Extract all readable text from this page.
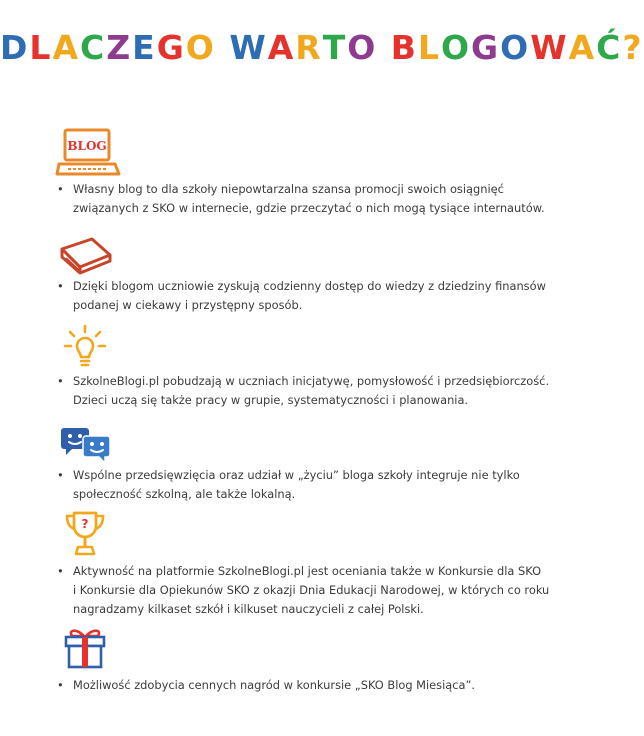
DLACZEGO WARTO BLOGOWAĆ?
BLOG
• Własny blog to dla szkoły niepowtarzalna szansa promocji swoich osiągnięć
związanych z SKO w internecie, gdzie przeczytać o nich mogą tysiące internautów.
• Dzięki blogom uczniowie zyskują codzienny dostęp do wiedzy z dziedziny finansów
podanej w ciekawy i przystępny sposób.
• SzkolneBlogi.pl pobudzają w uczniach inicjatywę, pomysłowość i przedsiębiorczość.
Dzieci uczą się także pracy w grupie, systematyczności i planowania.
• Wspólne przedsięwzięcia oraz udział w „życiu” bloga szkoły integruje nie tylko
społeczność szkolną, ale także lokalną.
?
• Aktywność na platformie SzkolneBlogi.pl jest oceniania także w Konkursie dla SKO
i Konkursie dla Opiekunów SKO z okazji Dnia Edukacji Narodowej, w których co roku
nagradzamy kilkaset szkół i kilkuset nauczycieli z całej Polski.
• Możliwość zdobycia cennych nagród w konkursie „SKO Blog Miesiąca”.
